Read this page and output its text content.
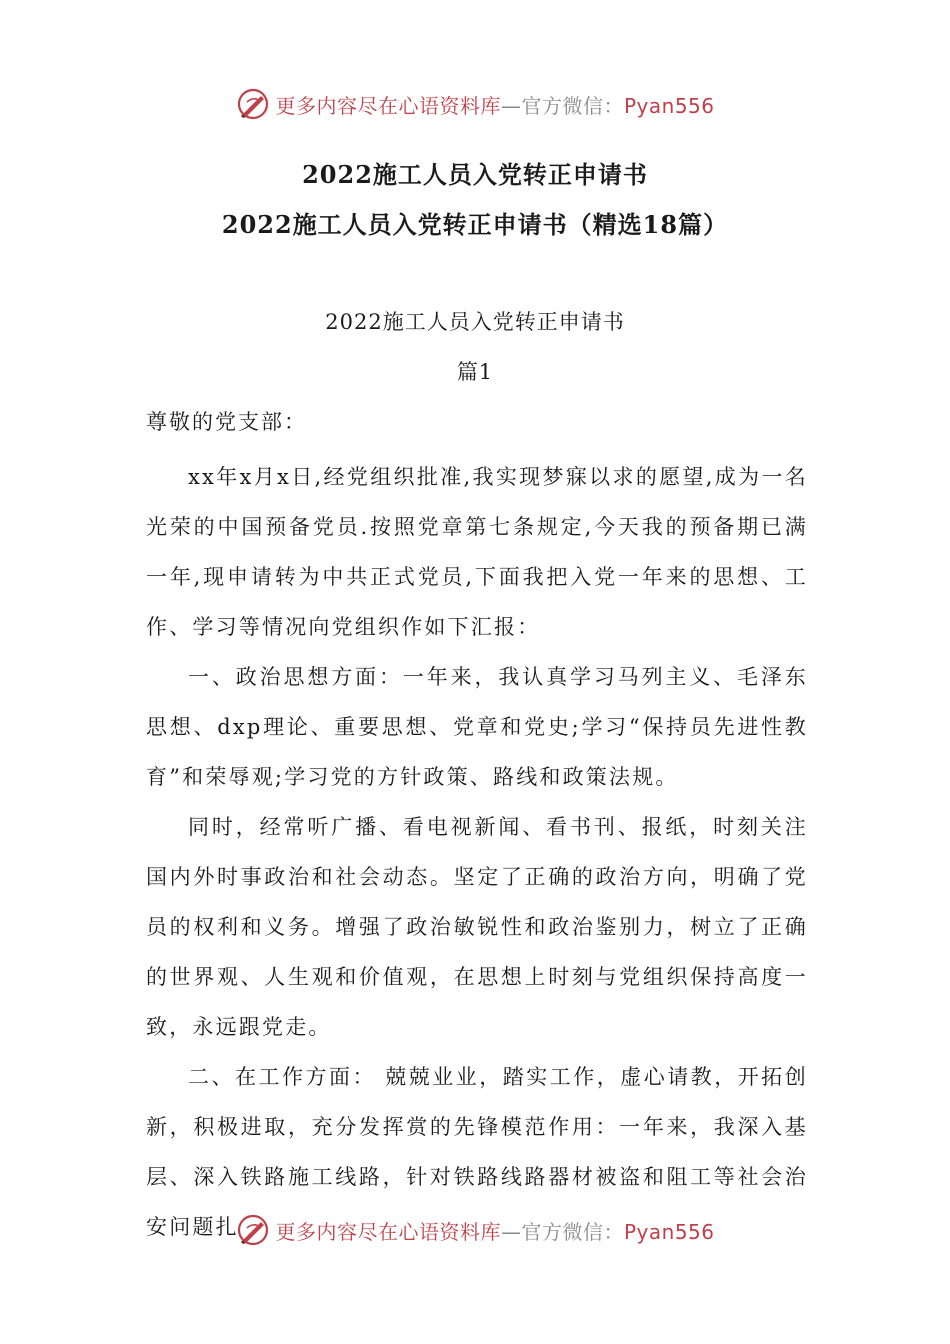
更多内容尽在心语资料库—官方微信：Pyan556
2022施工人员入党转正申请书
2022施工人员入党转正申请书（精选18篇）
2022施工人员入党转正申请书
篇1
尊敬的党支部：

xx年x月x日,经党组织批准,我实现梦寐以求的愿望,成为一名光荣的中国预备党员.按照党章第七条规定,今天我的预备期已满一年,现申请转为中共正式党员,下面我把入党一年来的思想、工作、学习等情况向党组织作如下汇报：

一、政治思想方面：一年来，我认真学习马列主义、毛泽东思想、dxp理论、重要思想、党章和党史;学习“保持员先进性教育”和荣辱观;学习党的方针政策、路线和政策法规。

同时，经常听广播、看电视新闻、看书刊、报纸，时刻关注国内外时事政治和社会动态。坚定了正确的政治方向，明确了党员的权利和义务。增强了政治敏锐性和政治鉴别力，树立了正确的世界观、人生观和价值观，在思想上时刻与党组织保持高度一致，永远跟党走。

二、在工作方面： 兢兢业业，踏实工作，虚心请教，开拓创新，积极进取，充分发挥赏的先锋模范作用：一年来，我深入基层、深入铁路施工线路，针对铁路线路器材被盗和阻工等社会治安问题扎	更多内容尽在心语资料库—官方微信：Pyan556
